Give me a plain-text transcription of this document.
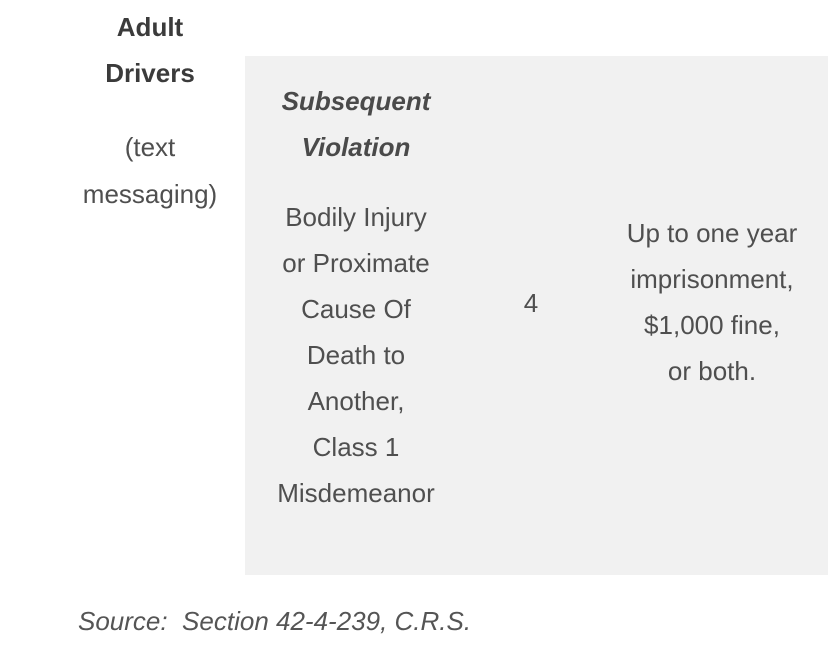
Adult
Drivers
(text
messaging)
Subsequent
Violation
Bodily Injury
or Proximate
Cause Of
Death to
Another,
Class 1
Misdemeanor
4
Up to one year
imprisonment,
$1,000 fine,
or both.
Source:  Section 42-4-239, C.R.S.
